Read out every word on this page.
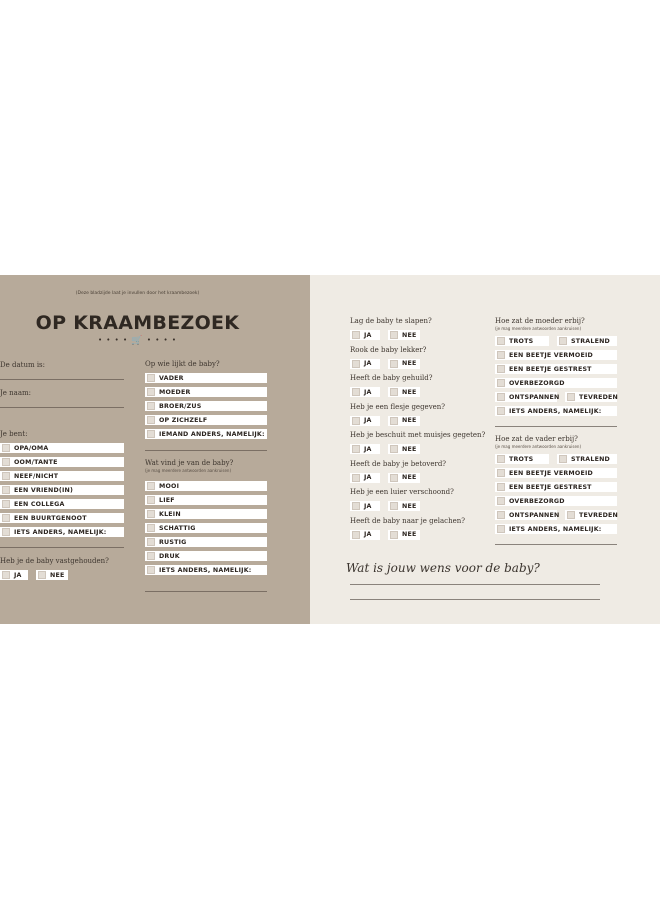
(Deze bladzijde laat je invullen door het kraambezoek)
OP KRAAMBEZOEK
• • • • 🛒 • • • •
De datum is:
Je naam:
Je bent:
OPA/OMA
OOM/TANTE
NEEF/NICHT
EEN VRIEND(IN)
EEN COLLEGA
EEN BUURTGENOOT
IETS ANDERS, NAMELIJK:
Heb je de baby vastgehouden?
JA	NEE
Op wie lijkt de baby?
VADER
MOEDER
BROER/ZUS
OP ZICHZELF
IEMAND ANDERS, NAMELIJK:
Wat vind je van de baby?
(je mag meerdere antwoorden aankruisen)
MOOI
LIEF
KLEIN
SCHATTIG
RUSTIG
DRUK
IETS ANDERS, NAMELIJK:
Lag de baby te slapen?
JA	NEE
Rook de baby lekker?
JA	NEE
Heeft de baby gehuild?
JA	NEE
Heb je een flesje gegeven?
JA	NEE
Heb je beschuit met muisjes gegeten?
JA	NEE
Heeft de baby je betoverd?
JA	NEE
Heb je een luier verschoond?
JA	NEE
Heeft de baby naar je gelachen?
JA	NEE
Hoe zat de moeder erbij?
(je mag meerdere antwoorden aankruisen)
TROTS	STRALEND
EEN BEETJE VERMOEID
EEN BEETJE GESTREST
OVERBEZORGD
ONTSPANNEN	TEVREDEN
IETS ANDERS, NAMELIJK:
Hoe zat de vader erbij?
(je mag meerdere antwoorden aankruisen)
TROTS	STRALEND
EEN BEETJE VERMOEID
EEN BEETJE GESTREST
OVERBEZORGD
ONTSPANNEN	TEVREDEN
IETS ANDERS, NAMELIJK:
Wat is jouw wens voor de baby?
